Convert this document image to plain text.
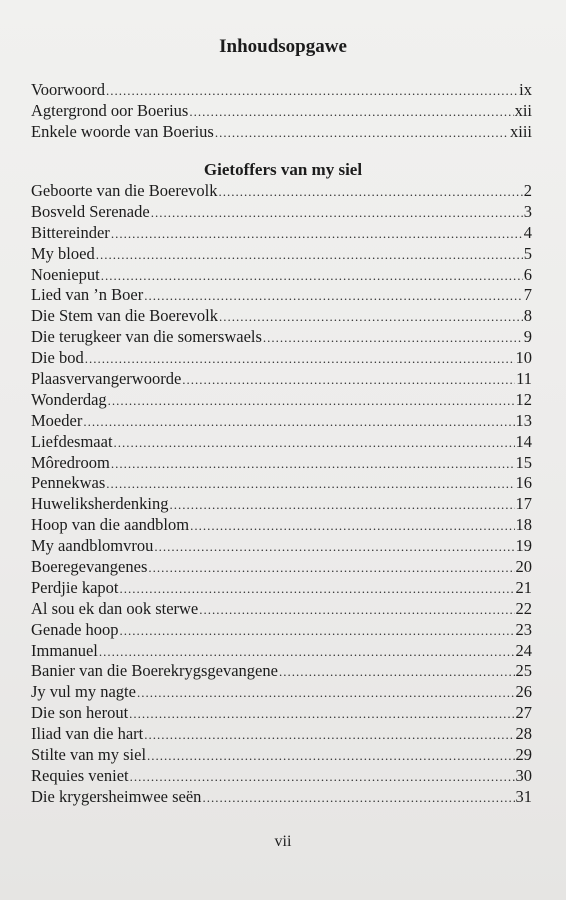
Inhoudsopgawe
Voorwoord .....	ix
Agtergrond oor Boerius .....	xii
Enkele woorde van Boerius .....	xiii
Gietoffers van my siel
Geboorte van die Boerevolk .....	2
Bosveld Serenade .....	3
Bittereinder .....	4
My bloed .....	5
Noenieput .....	6
Lied van ’n Boer .....	7
Die Stem van die Boerevolk .....	8
Die terugkeer van die somerswaels .....	9
Die bod .....	10
Plaasvervangerwoorde .....	11
Wonderdag .....	12
Moeder .....	13
Liefdesmaat .....	14
Môredroom .....	15
Pennekwas .....	16
Huweliksherdenking .....	17
Hoop van die aandblom .....	18
My aandblomvrou .....	19
Boeregevangenes .....	20
Perdjie kapot .....	21
Al sou ek dan ook sterwe .....	22
Genade hoop .....	23
Immanuel .....	24
Banier van die Boerekrygsgevangene .....	25
Jy vul my nagte .....	26
Die son herout .....	27
Iliad van die hart .....	28
Stilte van my siel .....	29
Requies veniet .....	30
Die krygersheimwee seën .....	31
vii
